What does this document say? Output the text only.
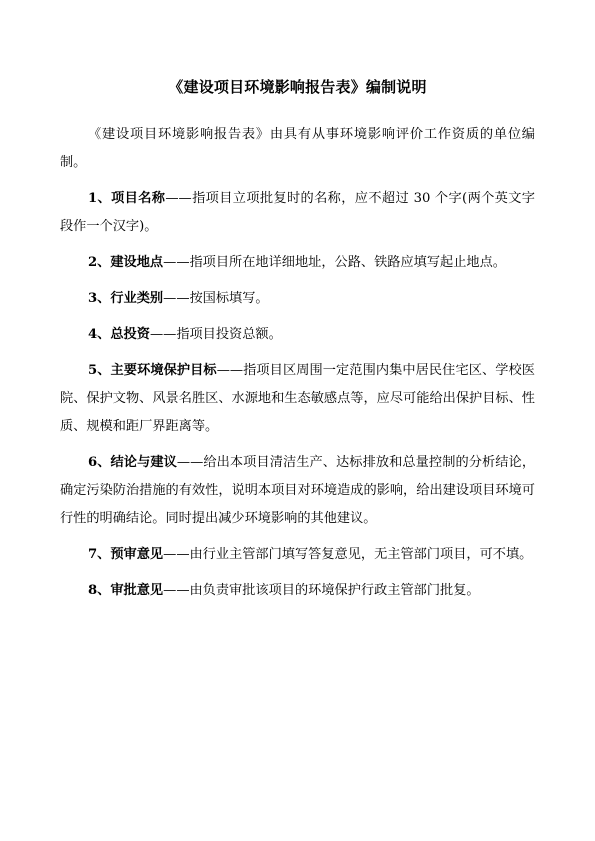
《建设项目环境影响报告表》编制说明

《建设项目环境影响报告表》由具有从事环境影响评价工作资质的单位编制。

1、项目名称——指项目立项批复时的名称，应不超过 30 个字(两个英文字段作一个汉字)。

2、建设地点——指项目所在地详细地址，公路、铁路应填写起止地点。

3、行业类别——按国标填写。

4、总投资——指项目投资总额。

5、主要环境保护目标——指项目区周围一定范围内集中居民住宅区、学校医院、保护文物、风景名胜区、水源地和生态敏感点等，应尽可能给出保护目标、性质、规模和距厂界距离等。

6、结论与建议——给出本项目清洁生产、达标排放和总量控制的分析结论，确定污染防治措施的有效性，说明本项目对环境造成的影响，给出建设项目环境可行性的明确结论。同时提出减少环境影响的其他建议。

7、预审意见——由行业主管部门填写答复意见，无主管部门项目，可不填。

8、审批意见——由负责审批该项目的环境保护行政主管部门批复。
